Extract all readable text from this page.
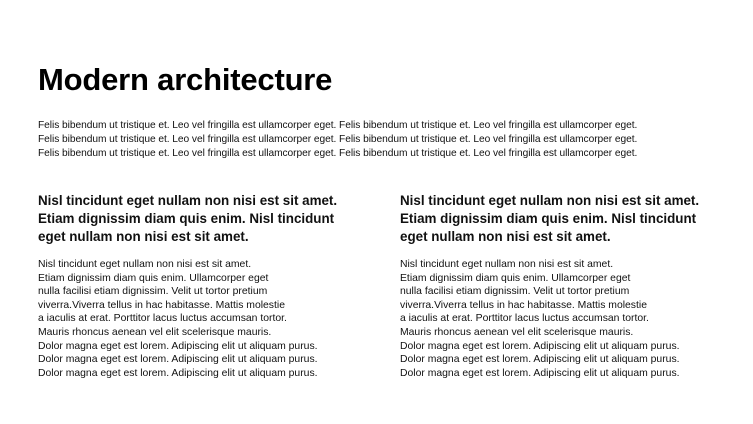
Modern architecture
Felis bibendum ut tristique et. Leo vel fringilla est ullamcorper eget. Felis bibendum ut tristique et. Leo vel fringilla est ullamcorper eget.
Felis bibendum ut tristique et. Leo vel fringilla est ullamcorper eget. Felis bibendum ut tristique et. Leo vel fringilla est ullamcorper eget.
Felis bibendum ut tristique et. Leo vel fringilla est ullamcorper eget. Felis bibendum ut tristique et. Leo vel fringilla est ullamcorper eget.
Nisl tincidunt eget nullam non nisi est sit amet.
Etiam dignissim diam quis enim. Nisl tincidunt
eget nullam non nisi est sit amet.
Nisl tincidunt eget nullam non nisi est sit amet.
Etiam dignissim diam quis enim. Ullamcorper eget
nulla facilisi etiam dignissim. Velit ut tortor pretium
viverra.Viverra tellus in hac habitasse. Mattis molestie
a iaculis at erat. Porttitor lacus luctus accumsan tortor.
Mauris rhoncus aenean vel elit scelerisque mauris.
Dolor magna eget est lorem. Adipiscing elit ut aliquam purus.
Dolor magna eget est lorem. Adipiscing elit ut aliquam purus.
Dolor magna eget est lorem. Adipiscing elit ut aliquam purus.
Nisl tincidunt eget nullam non nisi est sit amet.
Etiam dignissim diam quis enim. Nisl tincidunt
eget nullam non nisi est sit amet.
Nisl tincidunt eget nullam non nisi est sit amet.
Etiam dignissim diam quis enim. Ullamcorper eget
nulla facilisi etiam dignissim. Velit ut tortor pretium
viverra.Viverra tellus in hac habitasse. Mattis molestie
a iaculis at erat. Porttitor lacus luctus accumsan tortor.
Mauris rhoncus aenean vel elit scelerisque mauris.
Dolor magna eget est lorem. Adipiscing elit ut aliquam purus.
Dolor magna eget est lorem. Adipiscing elit ut aliquam purus.
Dolor magna eget est lorem. Adipiscing elit ut aliquam purus.
